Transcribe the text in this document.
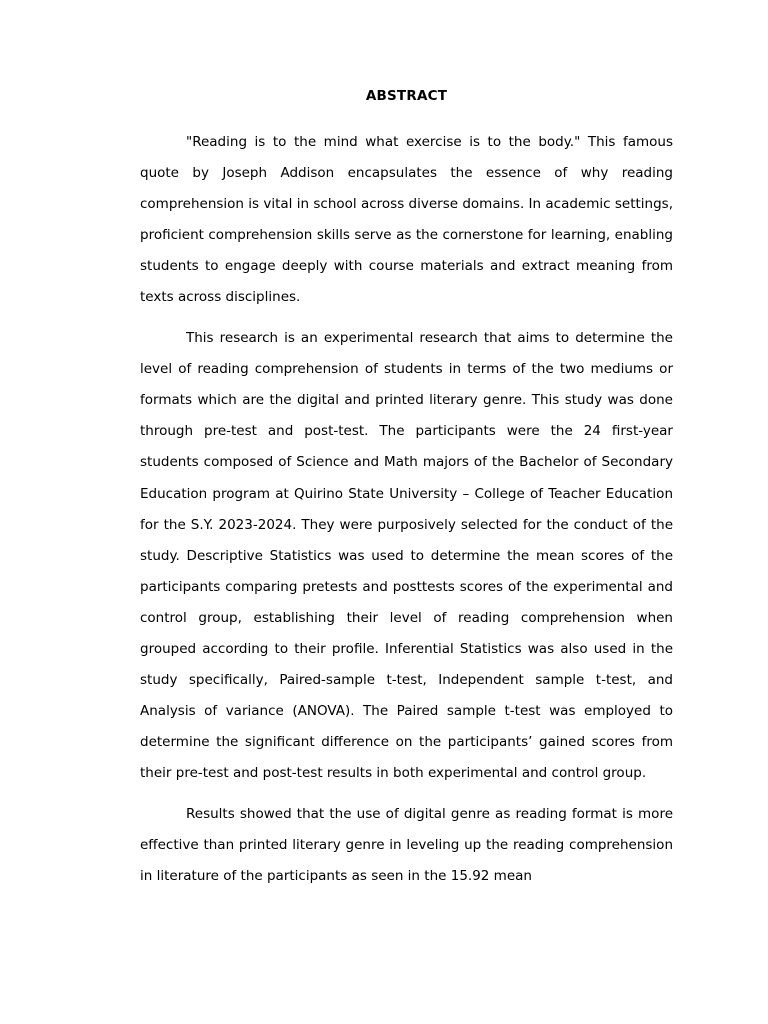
ABSTRACT

"Reading is to the mind what exercise is to the body." This famous quote by Joseph Addison encapsulates the essence of why reading comprehension is vital in school across diverse domains. In academic settings, proficient comprehension skills serve as the cornerstone for learning, enabling students to engage deeply with course materials and extract meaning from texts across disciplines.

This research is an experimental research that aims to determine the level of reading comprehension of students in terms of the two mediums or formats which are the digital and printed literary genre. This study was done through pre-test and post-test. The participants were the 24 first-year students composed of Science and Math majors of the Bachelor of Secondary Education program at Quirino State University – College of Teacher Education for the S.Y. 2023-2024. They were purposively selected for the conduct of the study. Descriptive Statistics was used to determine the mean scores of the participants comparing pretests and posttests scores of the experimental and control group, establishing their level of reading comprehension when grouped according to their profile. Inferential Statistics was also used in the study specifically, Paired-sample t-test, Independent sample t-test, and Analysis of variance (ANOVA). The Paired sample t-test was employed to determine the significant difference on the participants’ gained scores from their pre-test and post-test results in both experimental and control group.

Results showed that the use of digital genre as reading format is more effective than printed literary genre in leveling up the reading comprehension in literature of the participants as seen in the 15.92 mean
